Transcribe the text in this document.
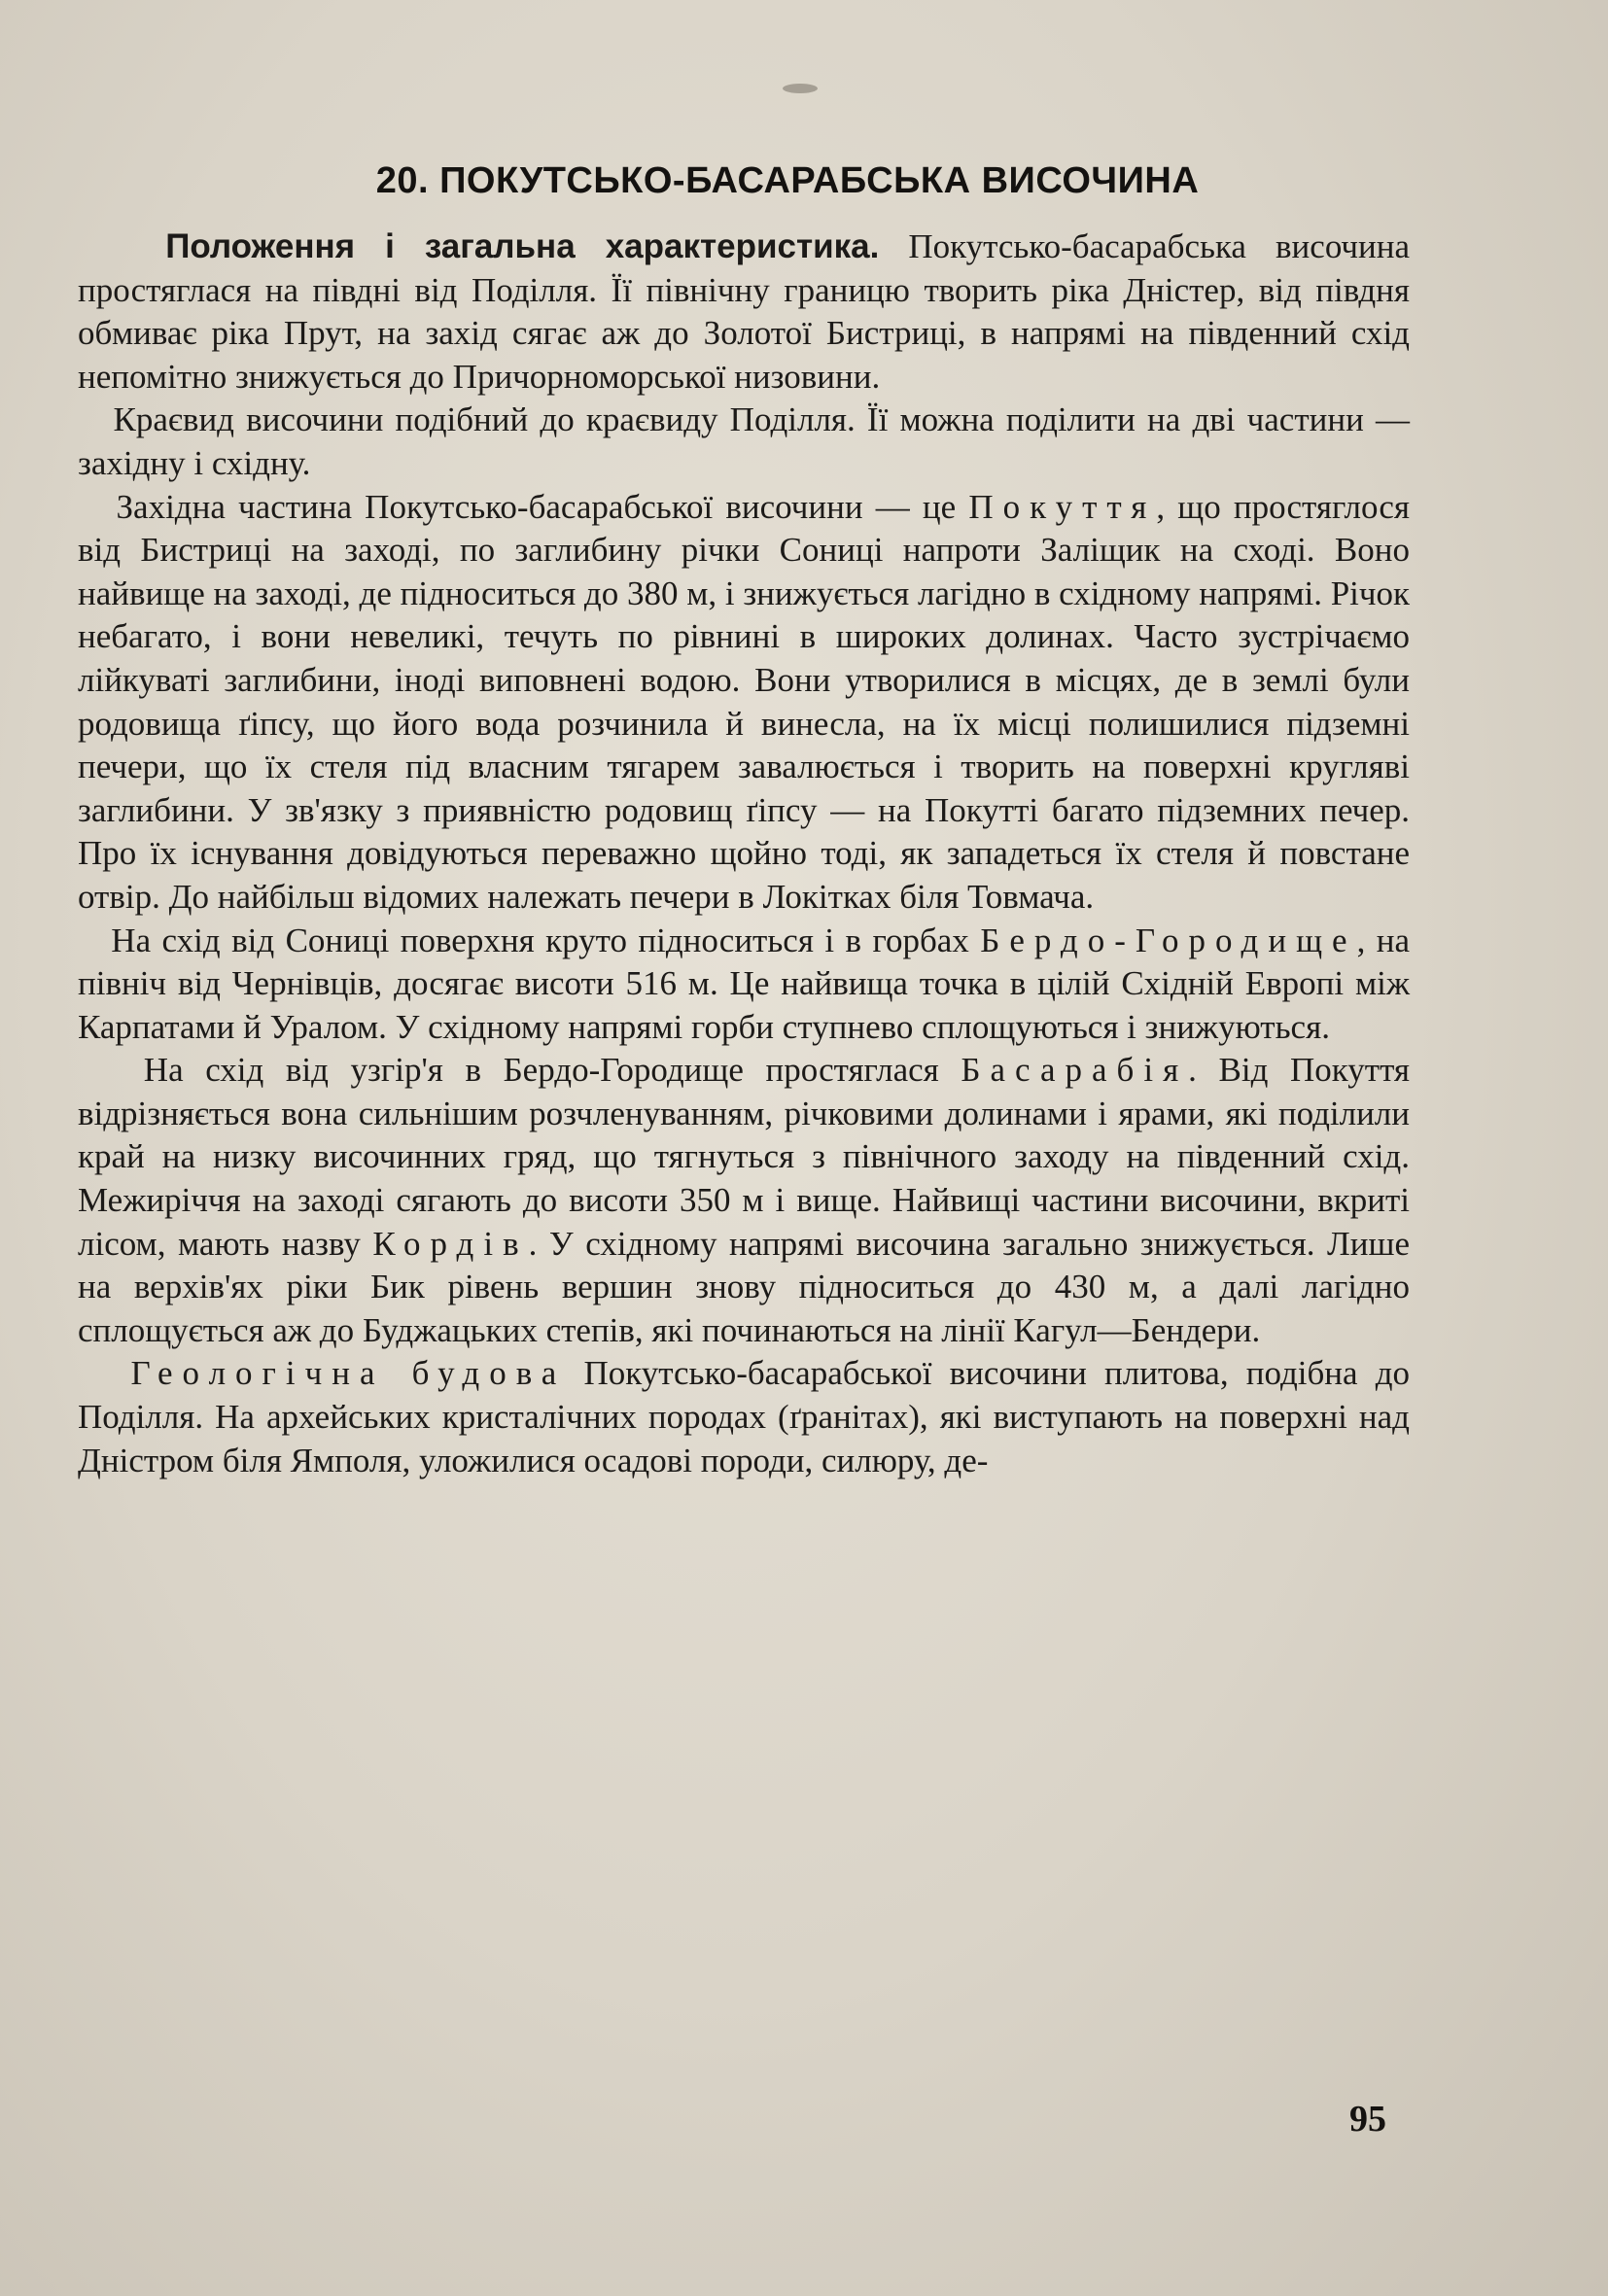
20. ПОКУТСЬКО-БАСАРАБСЬКА ВИСОЧИНА

Положення і загальна характеристика. Покутсько-басарабська височина простяглася на півдні від Поділля. Її північну границю творить ріка Дністер, від півдня обмиває ріка Прут, на захід сягає аж до Золотої Бистриці, в напрямі на південний схід непомітно знижується до Причорноморської низовини.

Краєвид височини подібний до краєвиду Поділля. Її можна поділити на дві частини — західну і східну.

Західна частина Покутсько-басарабської височини — це Покуття, що простяглося від Бистриці на заході, по заглибину річки Сониці напроти Заліщик на сході. Воно найвище на заході, де підноситься до 380 м, і знижується лагідно в східному напрямі. Річок небагато, і вони невеликі, течуть по рівнині в широких долинах. Часто зустрічаємо лійкуваті заглибини, іноді виповнені водою. Вони утворилися в місцях, де в землі були родовища ґіпсу, що його вода розчинила й винесла, на їх місці полишилися підземні печери, що їх стеля під власним тягарем завалюється і творить на поверхні кругляві заглибини. У зв'язку з приявністю родовищ ґіпсу — на Покутті багато підземних печер. Про їх існування довідуються переважно щойно тоді, як западеться їх стеля й повстане отвір. До найбільш відомих належать печери в Локітках біля Товмача.

На схід від Сониці поверхня круто підноситься і в горбах Бердо-Городище, на північ від Чернівців, досягає висоти 516 м. Це найвища точка в цілій Східній Европі між Карпатами й Уралом. У східному напрямі горби ступнево сплощуються і знижуються.

На схід від узгір'я в Бердо-Городище простяглася Басарабія. Від Покуття відрізняється вона сильнішим розчленуванням, річковими долинами і ярами, які поділили край на низку височинних гряд, що тягнуться з північного заходу на південний схід. Межиріччя на заході сягають до висоти 350 м і вище. Найвищі частини височини, вкриті лісом, мають назву Кордів. У східному напрямі височина загально знижується. Лише на верхів'ях ріки Бик рівень вершин знову підноситься до 430 м, а далі лагідно сплощується аж до Буджацьких степів, які починаються на лінії Кагул—Бендери.

Геологічна будова Покутсько-басарабської височини плитова, подібна до Поділля. На архейських кристалічних породах (ґранітах), які виступають на поверхні над Дністром біля Ямполя, уложилися осадові породи, силюру, де-

95
